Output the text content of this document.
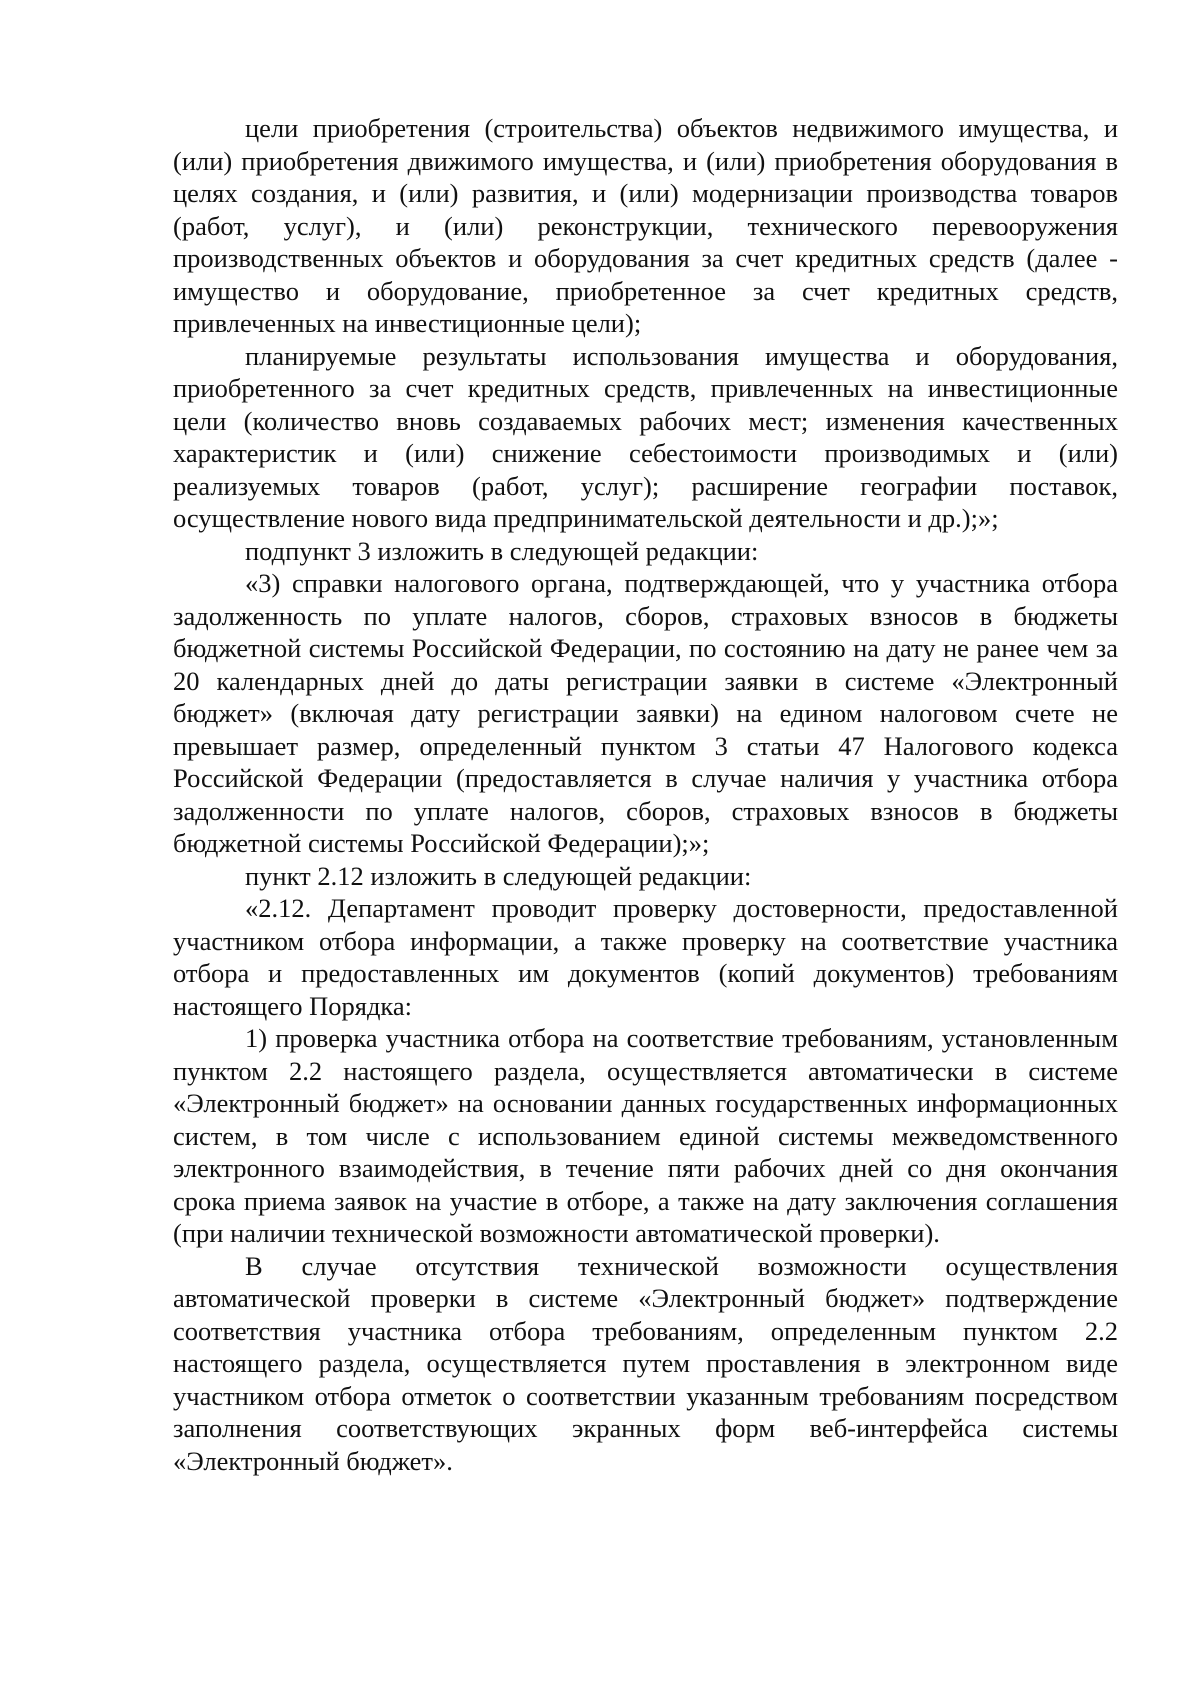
цели приобретения (строительства) объектов недвижимого имущества, и (или) приобретения движимого имущества, и (или) приобретения оборудования в целях создания, и (или) развития, и (или) модернизации производства товаров (работ, услуг), и (или) реконструкции, технического перевооружения производственных объектов и оборудования за счет кредитных средств (далее - имущество и оборудование, приобретенное за счет кредитных средств, привлеченных на инвестиционные цели);

планируемые результаты использования имущества и оборудования, приобретенного за счет кредитных средств, привлеченных на инвестиционные цели (количество вновь создаваемых рабочих мест; изменения качественных характеристик и (или) снижение себестоимости производимых и (или) реализуемых товаров (работ, услуг); расширение географии поставок, осуществление нового вида предпринимательской деятельности и др.);»;

подпункт 3 изложить в следующей редакции:

«3) справки налогового органа, подтверждающей, что у участника отбора задолженность по уплате налогов, сборов, страховых взносов в бюджеты бюджетной системы Российской Федерации, по состоянию на дату не ранее чем за 20 календарных дней до даты регистрации заявки в системе «Электронный бюджет» (включая дату регистрации заявки) на едином налоговом счете не превышает размер, определенный пунктом 3 статьи 47 Налогового кодекса Российской Федерации (предоставляется в случае наличия у участника отбора задолженности по уплате налогов, сборов, страховых взносов в бюджеты бюджетной системы Российской Федерации);»;

пункт 2.12 изложить в следующей редакции:

«2.12. Департамент проводит проверку достоверности, предоставленной участником отбора информации, а также проверку на соответствие участника отбора и предоставленных им документов (копий документов) требованиям настоящего Порядка:

1) проверка участника отбора на соответствие требованиям, установленным пунктом 2.2 настоящего раздела, осуществляется автоматически в системе «Электронный бюджет» на основании данных государственных информационных систем, в том числе с использованием единой системы межведомственного электронного взаимодействия, в течение пяти рабочих дней со дня окончания срока приема заявок на участие в отборе, а также на дату заключения соглашения (при наличии технической возможности автоматической проверки).

В случае отсутствия технической возможности осуществления автоматической проверки в системе «Электронный бюджет» подтверждение соответствия участника отбора требованиям, определенным пунктом 2.2 настоящего раздела, осуществляется путем проставления в электронном виде участником отбора отметок о соответствии указанным требованиям посредством заполнения соответствующих экранных форм веб-интерфейса системы «Электронный бюджет».
